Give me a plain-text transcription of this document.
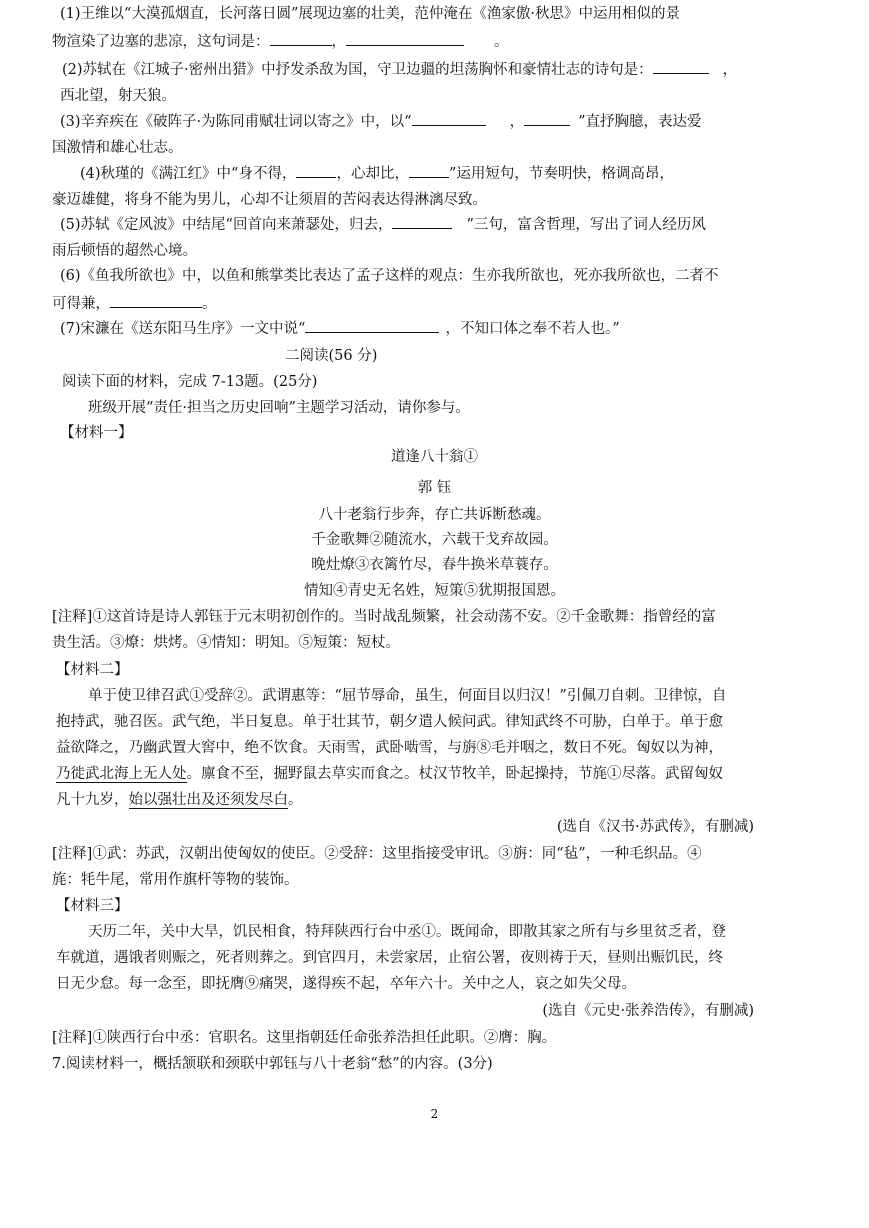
(1)王维以“大漠孤烟直，长河落日圆”展现边塞的壮美，范仲淹在《渔家傲·秋思》中运用相似的景
物渲染了边塞的悲凉，这句词是：	，	。
(2)苏轼在《江城子·密州出猎》中抒发杀敌为国，守卫边疆的坦荡胸怀和豪情壮志的诗句是：	，
西北望，射天狼。
(3)辛弃疾在《破阵子·为陈同甫赋壮词以寄之》中，以“	，	”直抒胸臆，表达爱
国激情和雄心壮志。
(4)秋瑾的《满江红》中“身不得，	，心却比，	”运用短句，节奏明快，格调高昂，
豪迈雄健，将身不能为男儿，心却不让须眉的苦闷表达得淋漓尽致。
(5)苏轼《定风波》中结尾“回首向来萧瑟处，归去，	”三句，富含哲理，写出了词人经历风
雨后顿悟的超然心境。
(6)《鱼我所欲也》中，以鱼和熊掌类比表达了孟子这样的观点：生亦我所欲也，死亦我所欲也，二者不
可得兼，	。
(7)宋濂在《送东阳马生序》一文中说“	，不知口体之奉不若人也。”
二阅读(56 分)
阅读下面的材料，完成 7-13题。(25分)
班级开展“责任·担当之历史回响”主题学习活动，请你参与。
【材料一】
道逢八十翁①
郭 钰
八十老翁行步奔，存亡共诉断愁魂。
千金歌舞②随流水，六载干戈弃故园。
晚灶燎③衣篱竹尽，春牛换米草蓑存。
情知④青史无名姓，短策⑤犹期报国恩。
[注释]①这首诗是诗人郭钰于元末明初创作的。当时战乱频繁，社会动荡不安。②千金歌舞：指曾经的富
贵生活。③燎：烘烤。④情知：明知。⑤短策：短杖。
【材料二】
单于使卫律召武①受辞②。武谓惠等：“屈节辱命，虽生，何面目以归汉！”引佩刀自刺。卫律惊，自
抱持武，驰召医。武气绝，半日复息。单于壮其节，朝夕遣人候问武。律知武终不可胁，白单于。单于愈
益欲降之，乃幽武置大窖中，绝不饮食。天雨雪，武卧啮雪，与旃⑧毛并咽之，数日不死。匈奴以为神，
乃徙武北海上无人处。廪食不至，掘野鼠去草实而食之。杖汉节牧羊，卧起操持，节旄①尽落。武留匈奴
凡十九岁，始以强壮出及还须发尽白。
(选自《汉书·苏武传》，有删减)
[注释]①武：苏武，汉朝出使匈奴的使臣。②受辞：这里指接受审讯。③旃：同“毡”，一种毛织品。④
旄：牦牛尾，常用作旗杆等物的装饰。
【材料三】
天历二年，关中大旱，饥民相食，特拜陕西行台中丞①。既闻命，即散其家之所有与乡里贫乏者，登
车就道，遇饿者则赈之，死者则葬之。到官四月，未尝家居，止宿公署，夜则祷于天，昼则出赈饥民，终
日无少怠。每一念至，即抚膺⑨痛哭，遂得疾不起，卒年六十。关中之人，哀之如失父母。
(选自《元史·张养浩传》，有删减)
[注释]①陕西行台中丞：官职名。这里指朝廷任命张养浩担任此职。②膺：胸。
7.阅读材料一，概括颔联和颈联中郭钰与八十老翁“愁”的内容。(3分)
2
